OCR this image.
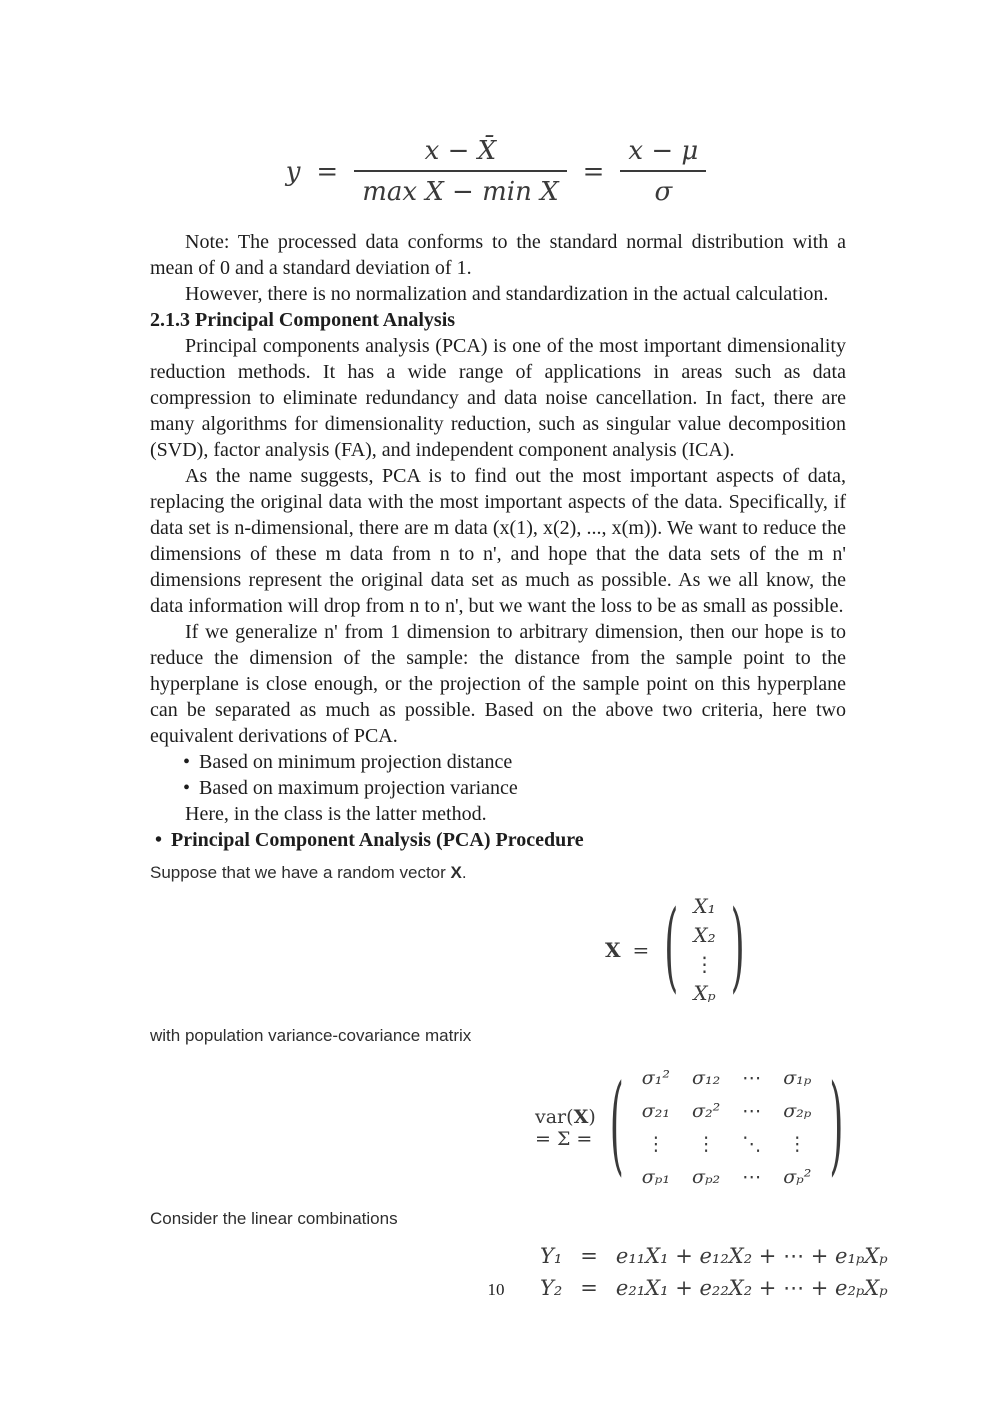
$y = \frac{x - X̄}{\text{max X − min X}} = \frac{x - \mu}{\sigma}$

Note: The processed data conforms to the standard normal distribution with a mean of 0 and a standard deviation of 1.

However, there is no normalization and standardization in the actual calculation.

2.1.3 Principal Component Analysis

Principal components analysis (PCA) is one of the most important dimensionality reduction methods. It has a wide range of applications in areas such as data compression to eliminate redundancy and data noise cancellation. In fact, there are many algorithms for dimensionality reduction, such as singular value decomposition (SVD), factor analysis (FA), and independent component analysis (ICA).

As the name suggests, PCA is to find out the most important aspects of data, replacing the original data with the most important aspects of the data. Specifically, if data set is n-dimensional, there are m data (x(1), x(2), ..., x(m)). We want to reduce the dimensions of these m data from n to n', and hope that the data sets of the m n' dimensions represent the original data set as much as possible. As we all know, the data information will drop from n to n', but we want the loss to be as small as possible.

If we generalize n' from 1 dimension to arbitrary dimension, then our hope is to reduce the dimension of the sample: the distance from the sample point to the hyperplane is close enough, or the projection of the sample point on this hyperplane can be separated as much as possible. Based on the above two criteria, here two equivalent derivations of PCA.

• Based on minimum projection distance
• Based on maximum projection variance

Here, in the class is the latter method.

• Principal Component Analysis (PCA) Procedure

Suppose that we have a random vector X.

X = ( X₁
X₂
⋮
Xₚ )

with population variance-covariance matrix

var(X) = Σ = ( σ₁² σ₁₂ ⋯ σ₁ₚ
σ₂₁ σ₂² ⋯ σ₂ₚ
⋮ ⋮ ⋱ ⋮
σₚ₁ σₚ₂ ⋯ σₚ² )

Consider the linear combinations

Y₁ = e₁₁X₁ + e₁₂X₂ + ⋯ + e₁ₚXₚ
Y₂ = e₂₁X₁ + e₂₂X₂ + ⋯ + e₂ₚXₚ
10
